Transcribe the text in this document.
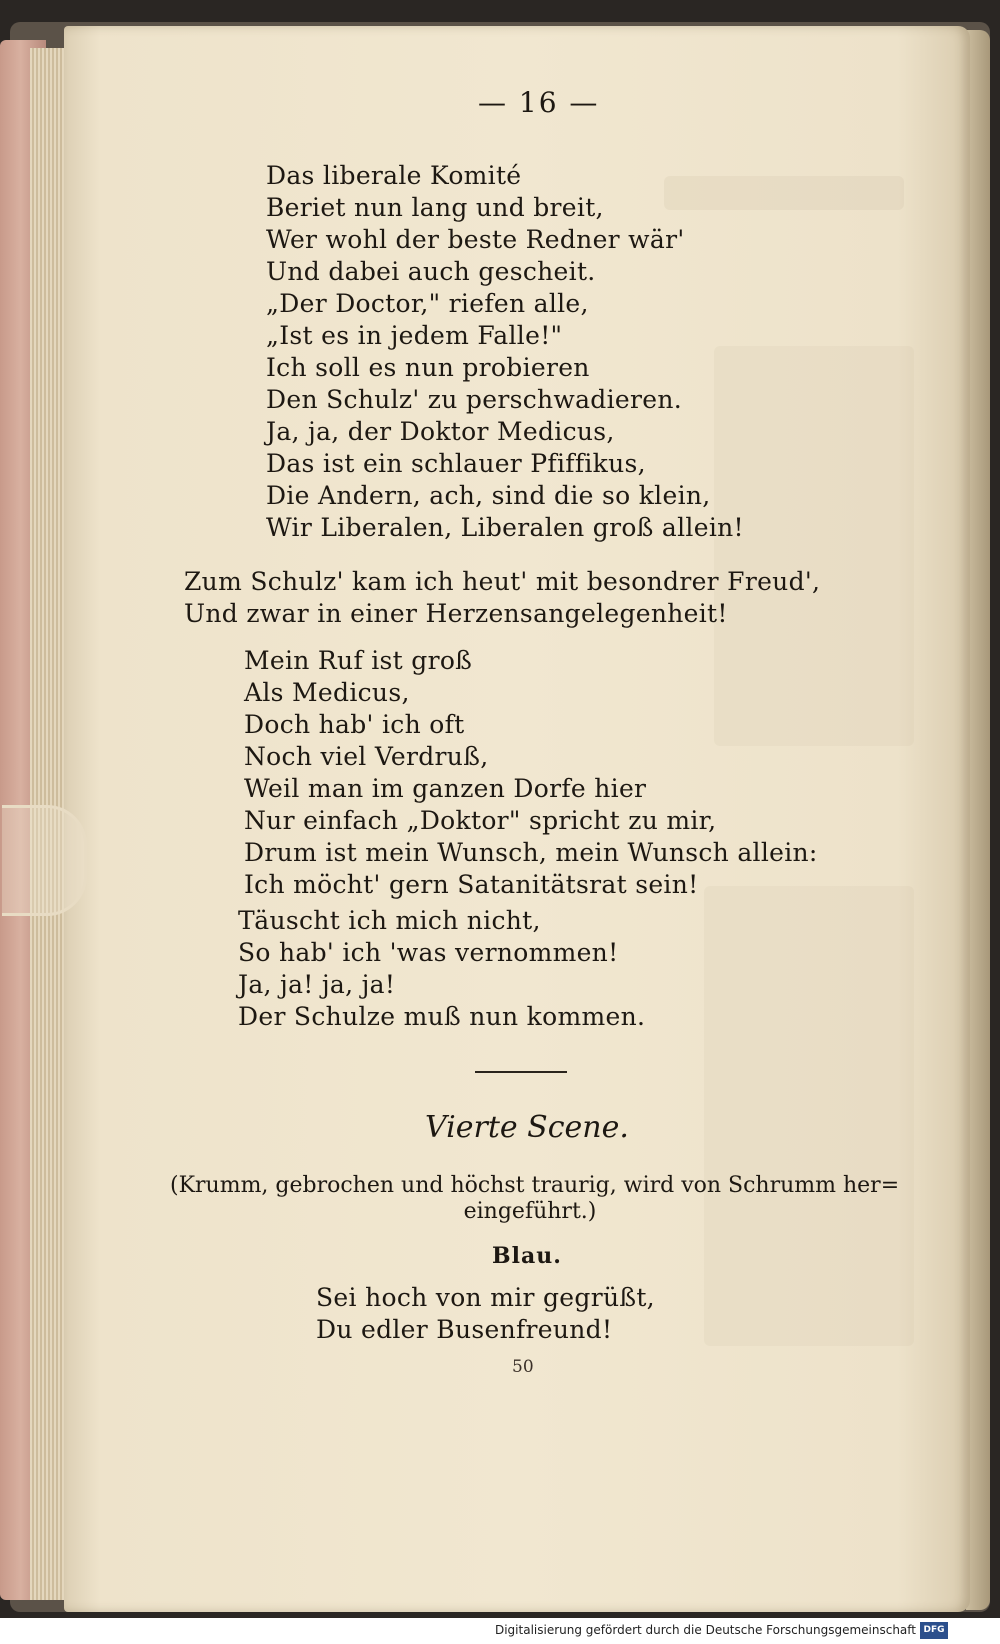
— 16 —

Das liberale Komité
Beriet nun lang und breit,
Wer wohl der beste Redner wär'
Und dabei auch gescheit.
„Der Doctor," riefen alle,
„Ist es in jedem Falle!"
Ich soll es nun probieren
Den Schulz' zu perschwadieren.
Ja, ja, der Doktor Medicus,
Das ist ein schlauer Pfiffikus,
Die Andern, ach, sind die so klein,
Wir Liberalen, Liberalen groß allein!
Zum Schulz' kam ich heut' mit besondrer Freud',
Und zwar in einer Herzensangelegenheit!
Mein Ruf ist groß
Als Medicus,
Doch hab' ich oft
Noch viel Verdruß,
Weil man im ganzen Dorfe hier
Nur einfach „Doktor" spricht zu mir,
Drum ist mein Wunsch, mein Wunsch allein:
Ich möcht' gern Satanitätsrat sein!
Täuscht ich mich nicht,
So hab' ich 'was vernommen!
Ja, ja! ja, ja!
Der Schulze muß nun kommen.

Vierte Scene.

(Krumm, gebrochen und höchst traurig, wird von Schrumm her=

eingeführt.)

Blau.

Sei hoch von mir gegrüßt,
Du edler Busenfreund!

50

Digitalisierung gefördert durch die Deutsche Forschungsgemeinschaft DFG
